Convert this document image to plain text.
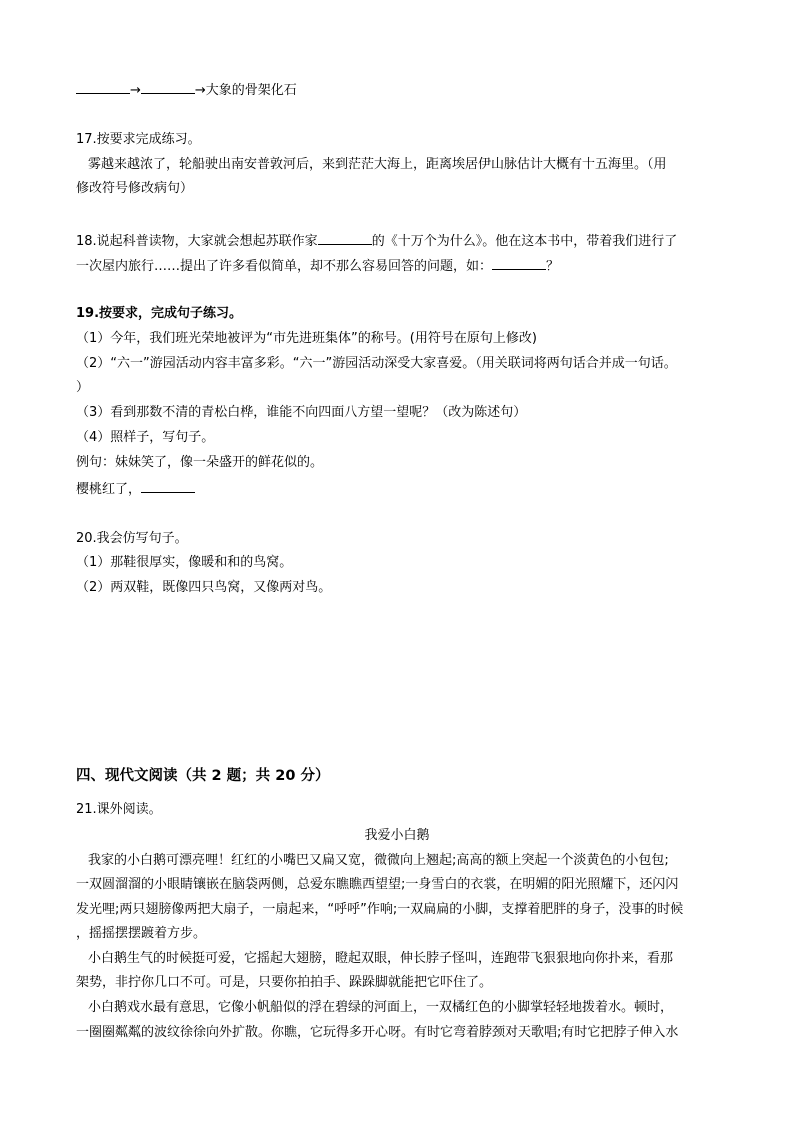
→	→大象的骨架化石
17.按要求完成练习。
雾越来越浓了，轮船驶出南安普敦河后，来到茫茫大海上，距离埃居伊山脉估计大概有十五海里。（用
修改符号修改病句）
18.说起科普读物，大家就会想起苏联作家	的《十万个为什么》。他在这本书中，带着我们进行了
一次屋内旅行……提出了许多看似简单，却不那么容易回答的问题，如：	？
19.按要求，完成句子练习。
（1）今年，我们班光荣地被评为“市先进班集体”的称号。(用符号在原句上修改)
（2）“六一”游园活动内容丰富多彩。“六一”游园活动深受大家喜爱。（用关联词将两句话合并成一句话。
）
（3）看到那数不清的青松白桦，谁能不向四面八方望一望呢？（改为陈述句）
（4）照样子，写句子。
例句：妹妹笑了，像一朵盛开的鲜花似的。
樱桃红了，
20.我会仿写句子。
（1）那鞋很厚实，像暖和和的鸟窝。
（2）两双鞋，既像四只鸟窝，又像两对鸟。
四、现代文阅读（共 2 题；共 20 分）
21.课外阅读。
我爱小白鹅
我家的小白鹅可漂亮哩！红红的小嘴巴又扁又宽，微微向上翘起;高高的额上突起一个淡黄色的小包包;
一双圆溜溜的小眼睛镶嵌在脑袋两侧，总爱东瞧瞧西望望;一身雪白的衣裳，在明媚的阳光照耀下，还闪闪
发光哩;两只翅膀像两把大扇子，一扇起来，“呼呼”作响;一双扁扁的小脚，支撑着肥胖的身子，没事的时候
，摇摇摆摆踱着方步。
小白鹅生气的时候挺可爱，它摇起大翅膀，瞪起双眼，伸长脖子怪叫，连跑带飞狠狠地向你扑来，看那
架势，非拧你几口不可。可是，只要你拍拍手、跺跺脚就能把它吓住了。
小白鹅戏水最有意思，它像小帆船似的浮在碧绿的河面上，一双橘红色的小脚掌轻轻地拨着水。顿时，
一圈圈粼粼的波纹徐徐向外扩散。你瞧，它玩得多开心呀。有时它弯着脖颈对天歌唱;有时它把脖子伸入水
